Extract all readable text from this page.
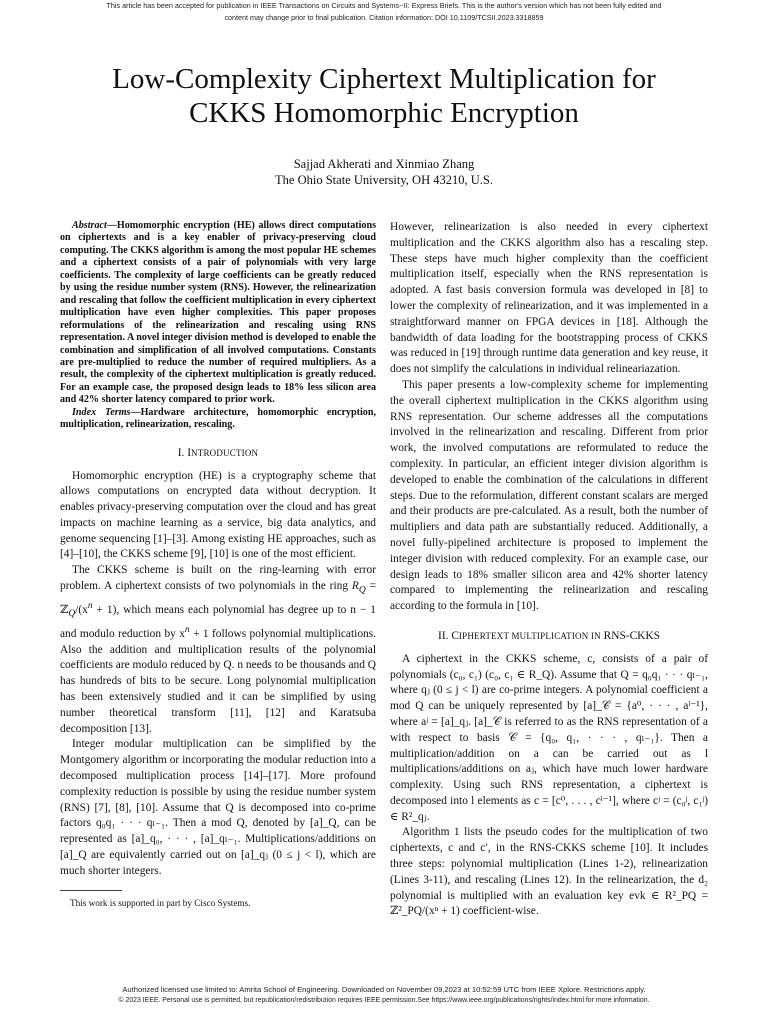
This article has been accepted for publication in IEEE Transactions on Circuits and Systems--II: Express Briefs. This is the author's version which has not been fully edited and
content may change prior to final publication. Citation information: DOI 10.1109/TCSII.2023.3318859
Low-Complexity Ciphertext Multiplication for
CKKS Homomorphic Encryption
Sajjad Akherati and Xinmiao Zhang
The Ohio State University, OH 43210, U.S.

Abstract—Homomorphic encryption (HE) allows direct computations on ciphertexts and is a key enabler of privacy-preserving cloud computing. The CKKS algorithm is among the most popular HE schemes and a ciphertext consists of a pair of polynomials with very large coefficients. The complexity of large coefficients can be greatly reduced by using the residue number system (RNS). However, the relinearization and rescaling that follow the coefficient multiplication in every ciphertext multiplication have even higher complexities. This paper proposes reformulations of the relinearization and rescaling using RNS representation. A novel integer division method is developed to enable the combination and simplification of all involved computations. Constants are pre-multiplied to reduce the number of required multipliers. As a result, the complexity of the ciphertext multiplication is greatly reduced. For an example case, the proposed design leads to 18% less silicon area and 42% shorter latency compared to prior work.

Index Terms—Hardware architecture, homomorphic encryption, multiplication, relinearization, rescaling.

I. INTRODUCTION

Homomorphic encryption (HE) is a cryptography scheme that allows computations on encrypted data without decryption. It enables privacy-preserving computation over the cloud and has great impacts on machine learning as a service, big data analytics, and genome sequencing [1]–[3]. Among existing HE approaches, such as [4]–[10], the CKKS scheme [9], [10] is one of the most efficient.

The CKKS scheme is built on the ring-learning with error problem. A ciphertext consists of two polynomials in the ring $R_Q$ = $ℤ_Q/(x^n + 1)$, which means each polynomial has degree up to n − 1 and modulo reduction by $x^n + 1$ follows polynomial multiplications. Also the addition and multiplication results of the polynomial coefficients are modulo reduced by Q. n needs to be thousands and Q has hundreds of bits to be secure. Long polynomial multiplication has been extensively studied and it can be simplified by using number theoretical transform [11], [12] and Karatsuba decomposition [13].

Integer modular multiplication can be simplified by the Montgomery algorithm or incorporating the modular reduction into a decomposed multiplication process [14]–[17]. More profound complexity reduction is possible by using the residue number system (RNS) [7], [8], [10]. Assume that Q is decomposed into co-prime factors q₀q₁ · · · qₗ₋₁. Then a mod Q, denoted by [a]_Q, can be represented as [a]_q₀, · · · , [a]_qₗ₋₁. Multiplications/additions on [a]_Q are equivalently carried out on [a]_qⱼ (0 ≤ j < l), which are much shorter integers.

This work is supported in part by Cisco Systems.

However, relinearization is also needed in every ciphertext multiplication and the CKKS algorithm also has a rescaling step. These steps have much higher complexity than the coefficient multiplication itself, especially when the RNS representation is adopted. A fast basis conversion formula was developed in [8] to lower the complexity of relinearization, and it was implemented in a straightforward manner on FPGA devices in [18]. Although the bandwidth of data loading for the bootstrapping process of CKKS was reduced in [19] through runtime data generation and key reuse, it does not simplify the calculations in individual relineariazation.

This paper presents a low-complexity scheme for implementing the overall ciphertext multiplication in the CKKS algorithm using RNS representation. Our scheme addresses all the computations involved in the relinearization and rescaling. Different from prior work, the involved computations are reformulated to reduce the complexity. In particular, an efficient integer division algorithm is developed to enable the combination of the calculations in different steps. Due to the reformulation, different constant scalars are merged and their products are pre-calculated. As a result, both the number of multipliers and data path are substantially reduced. Additionally, a novel fully-pipelined architecture is proposed to implement the integer division with reduced complexity. For an example case, our design leads to 18% smaller silicon area and 42% shorter latency compared to implementing the relinearization and rescaling according to the formula in [10].

II. CIPHERTEXT MULTIPLICATION IN RNS-CKKS

A ciphertext in the CKKS scheme, c, consists of a pair of polynomials (c₀, c₁) (c₀, c₁ ∈ R_Q). Assume that Q = q₀q₁ · · · qₗ₋₁, where qⱼ (0 ≤ j < l) are co-prime integers. A polynomial coefficient a mod Q can be uniquely represented by [a]_𝒞 = {a⁰, · · · , aˡ⁻¹}, where aʲ = [a]_qⱼ. [a]_𝒞 is referred to as the RNS representation of a with respect to basis 𝒞 = {q₀, q₁, · · · , qₗ₋₁}. Then a multiplication/addition on a can be carried out as l multiplications/additions on aⱼ, which have much lower hardware complexity. Using such RNS representation, a ciphertext is decomposed into l elements as c = [c⁰, . . . , cˡ⁻¹], where cʲ = (c₀ʲ, c₁ʲ) ∈ R²_qⱼ.

Algorithm 1 lists the pseudo codes for the multiplication of two ciphertexts, c and c′, in the RNS-CKKS scheme [10]. It includes three steps: polynomial multiplication (Lines 1-2), relinearization (Lines 3-11), and rescaling (Lines 12). In the relinearization, the d₂ polynomial is multiplied with an evaluation key evk ∈ R²_PQ = ℤ²_PQ/(xⁿ + 1) coefficient-wise.

Authorized licensed use limited to: Amrita School of Engineering. Downloaded on November 09,2023 at 10:52:59 UTC from IEEE Xplore. Restrictions apply.
© 2023 IEEE. Personal use is permitted, but republication/redistribution requires IEEE permission.See https://www.ieee.org/publications/rights/index.html for more information.
